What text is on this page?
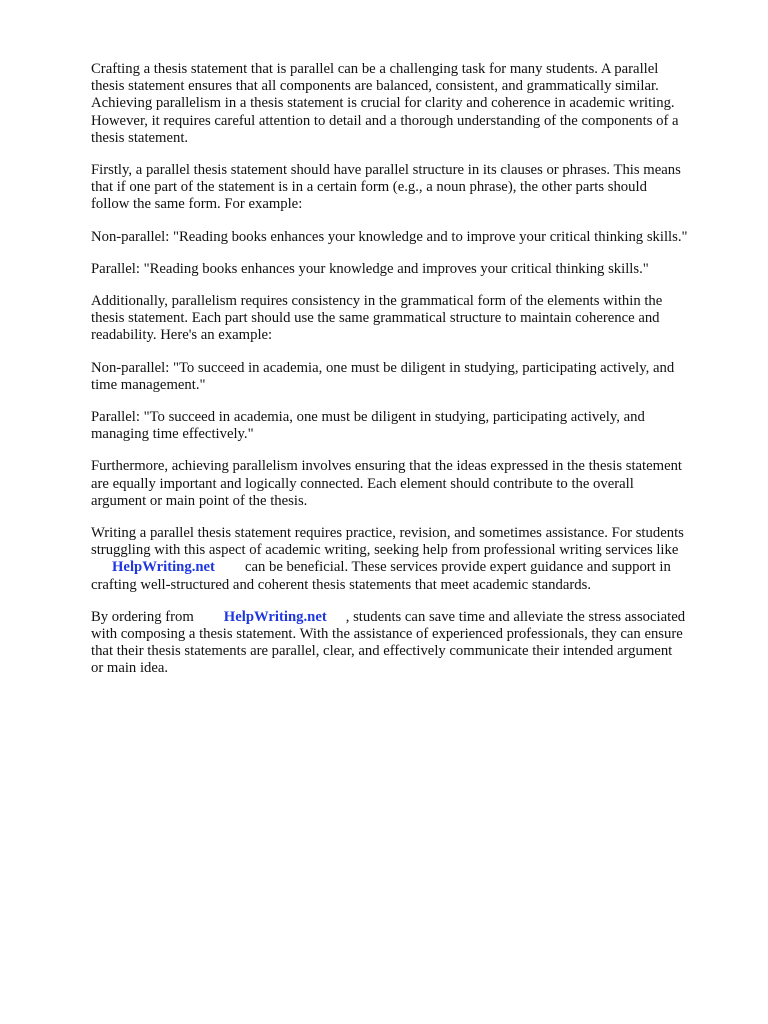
Crafting a thesis statement that is parallel can be a challenging task for many students. A parallel
thesis statement ensures that all components are balanced, consistent, and grammatically similar.
Achieving parallelism in a thesis statement is crucial for clarity and coherence in academic writing.
However, it requires careful attention to detail and a thorough understanding of the components of a
thesis statement.

Firstly, a parallel thesis statement should have parallel structure in its clauses or phrases. This means
that if one part of the statement is in a certain form (e.g., a noun phrase), the other parts should
follow the same form. For example:

Non-parallel: "Reading books enhances your knowledge and to improve your critical thinking skills."

Parallel: "Reading books enhances your knowledge and improves your critical thinking skills."

Additionally, parallelism requires consistency in the grammatical form of the elements within the
thesis statement. Each part should use the same grammatical structure to maintain coherence and
readability. Here's an example:

Non-parallel: "To succeed in academia, one must be diligent in studying, participating actively, and
time management."

Parallel: "To succeed in academia, one must be diligent in studying, participating actively, and
managing time effectively."

Furthermore, achieving parallelism involves ensuring that the ideas expressed in the thesis statement
are equally important and logically connected. Each element should contribute to the overall
argument or main point of the thesis.

Writing a parallel thesis statement requires practice, revision, and sometimes assistance. For students
struggling with this aspect of academic writing, seeking help from professional writing services like
HelpWriting.net can be beneficial. These services provide expert guidance and support in
crafting well-structured and coherent thesis statements that meet academic standards.

By ordering from HelpWriting.net , students can save time and alleviate the stress associated
with composing a thesis statement. With the assistance of experienced professionals, they can ensure
that their thesis statements are parallel, clear, and effectively communicate their intended argument
or main idea.
